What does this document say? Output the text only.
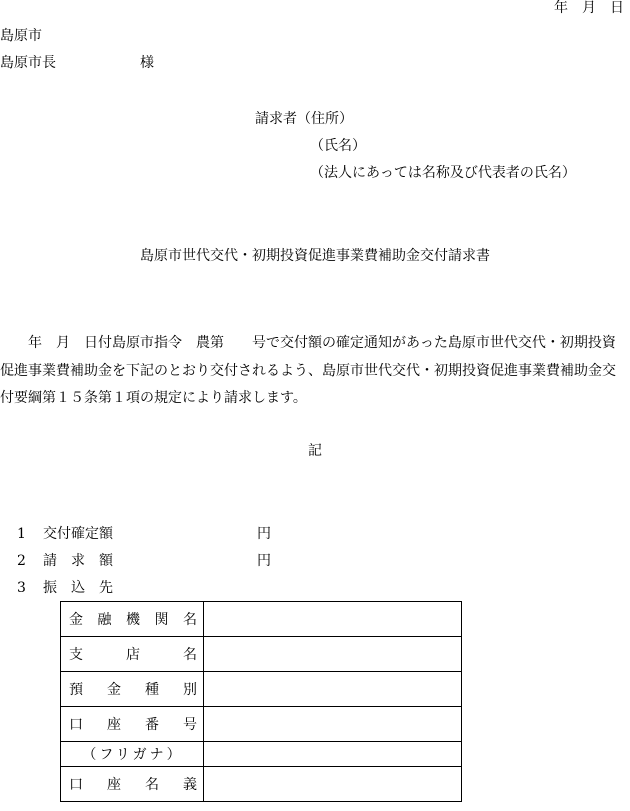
年　月　日
島原市
島原市長　　　　　　様
請求者（住所）
（氏名）
（法人にあっては名称及び代表者の氏名）
島原市世代交代・初期投資促進事業費補助金交付請求書
　　年　月　日付島原市指令　農第　　号で交付額の確定通知があった島原市世代交代・初期投資
促進事業費補助金を下記のとおり交付されるよう、島原市世代交代・初期投資促進事業費補助金交
付要綱第１５条第１項の規定により請求します。
記
1 交付確定額	円
2 請　求　額	円
3 振　込　先
金融機関名	
支店名	
預金種別	
口座番号	
（フリガナ）	
口座名義	
